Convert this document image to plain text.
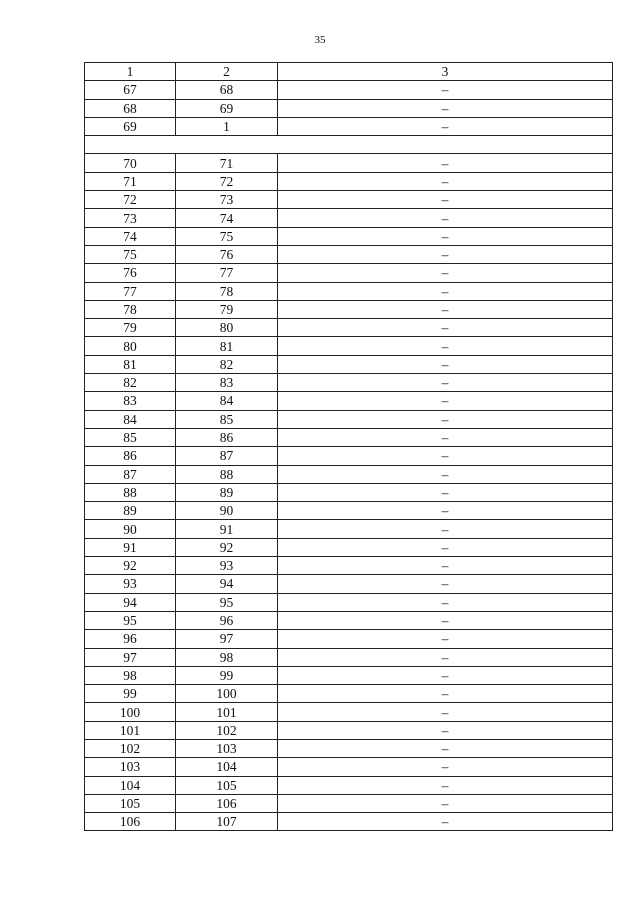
35
1	2	3
67	68	–
68	69	–
69	1	–

70	71	–
71	72	–
72	73	–
73	74	–
74	75	–
75	76	–
76	77	–
77	78	–
78	79	–
79	80	–
80	81	–
81	82	–
82	83	–
83	84	–
84	85	–
85	86	–
86	87	–
87	88	–
88	89	–
89	90	–
90	91	–
91	92	–
92	93	–
93	94	–
94	95	–
95	96	–
96	97	–
97	98	–
98	99	–
99	100	–
100	101	–
101	102	–
102	103	–
103	104	–
104	105	–
105	106	–
106	107	–
